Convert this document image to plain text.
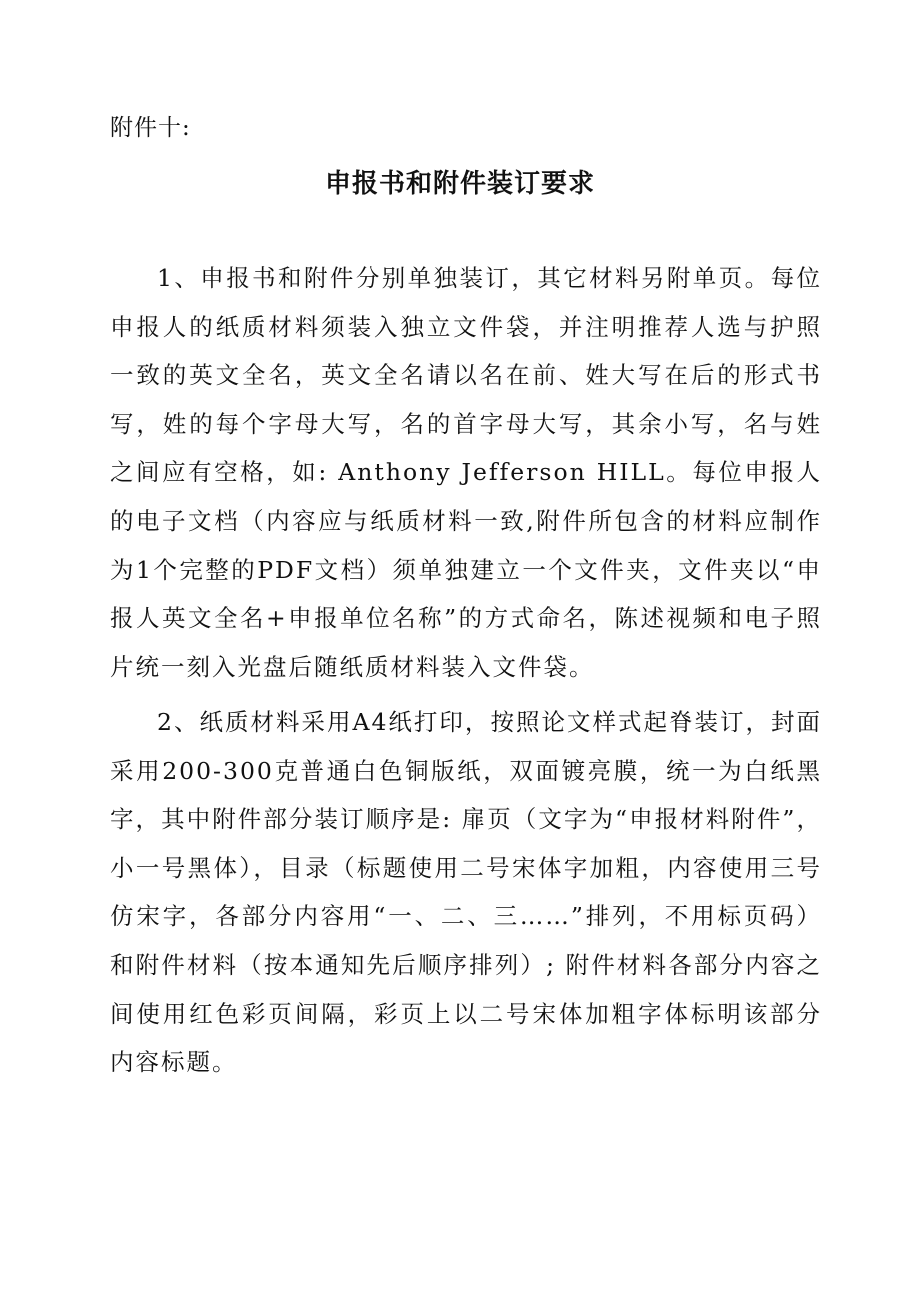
附件十:
申报书和附件装订要求

1、申报书和附件分别单独装订，其它材料另附单页。每位申报人的纸质材料须装入独立文件袋，并注明推荐人选与护照一致的英文全名，英文全名请以名在前、姓大写在后的形式书写，姓的每个字母大写，名的首字母大写，其余小写，名与姓之间应有空格，如: Anthony Jefferson HILL。每位申报人的电子文档（内容应与纸质材料一致,附件所包含的材料应制作为1个完整的PDF文档）须单独建立一个文件夹，文件夹以“申报人英文全名+申报单位名称”的方式命名，陈述视频和电子照片统一刻入光盘后随纸质材料装入文件袋。

2、纸质材料采用A4纸打印，按照论文样式起脊装订，封面采用200-300克普通白色铜版纸，双面镀亮膜，统一为白纸黑字，其中附件部分装订顺序是: 扉页（文字为“申报材料附件”，小一号黑体），目录（标题使用二号宋体字加粗，内容使用三号仿宋字，各部分内容用“一、二、三……”排列，不用标页码）和附件材料（按本通知先后顺序排列）; 附件材料各部分内容之间使用红色彩页间隔，彩页上以二号宋体加粗字体标明该部分内容标题。
